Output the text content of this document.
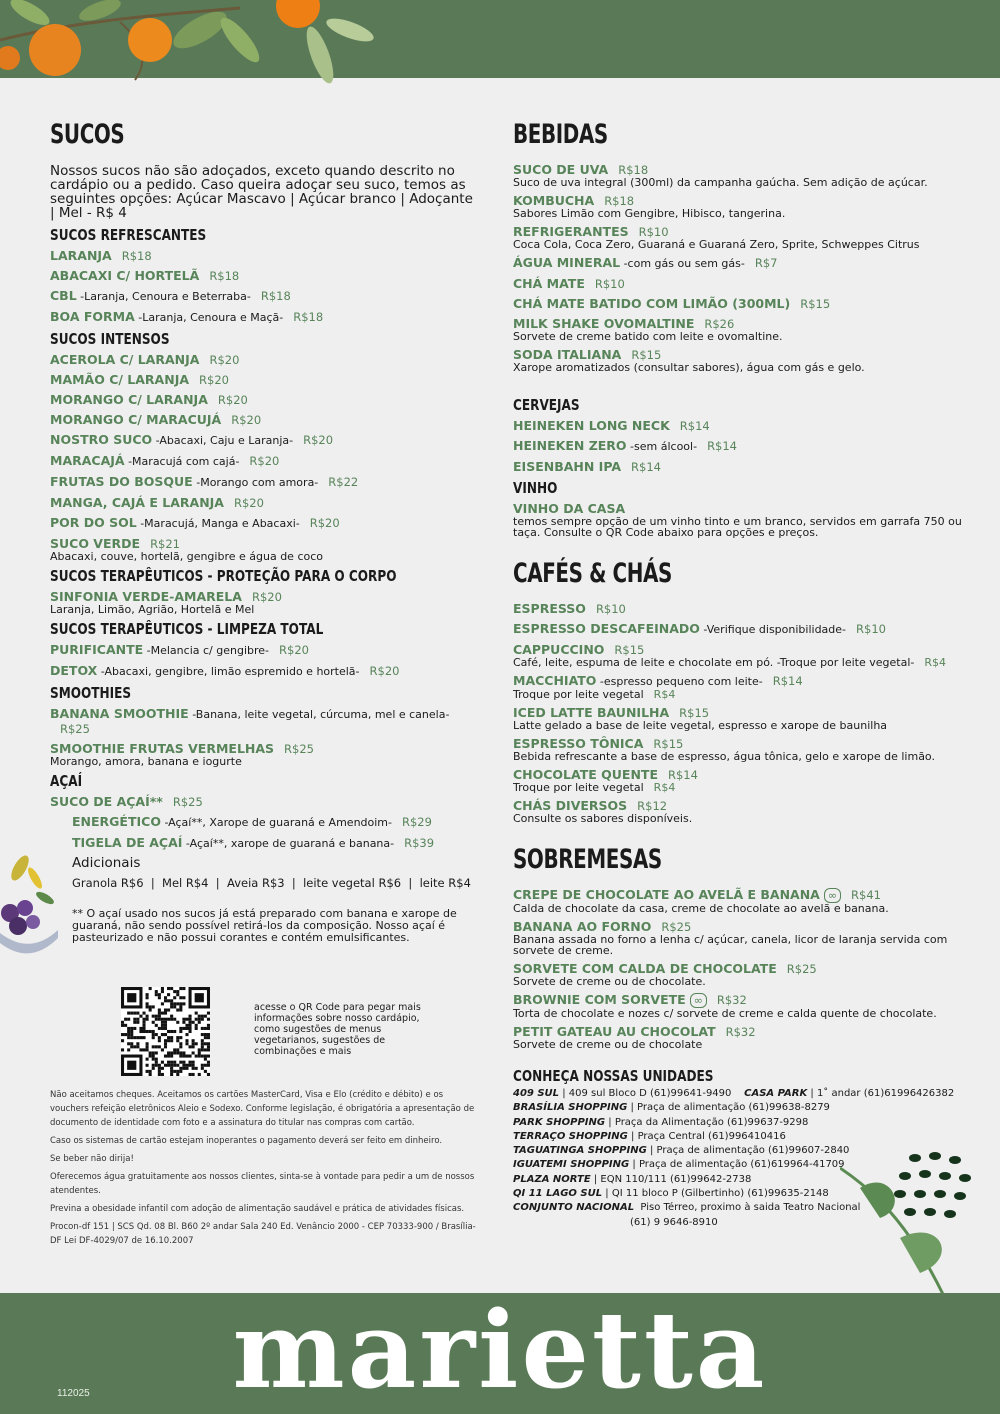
SUCOS
Nossos sucos não são adoçados, exceto quando descrito no cardápio ou a pedido. Caso queira adoçar seu suco, temos as seguintes opções: Açúcar Mascavo | Açúcar branco | Adoçante | Mel - R$ 4
SUCOS REFRESCANTES
LARANJA R$18
ABACAXI C/ HORTELÃ R$18
CBL -Laranja, Cenoura e Beterraba- R$18
BOA FORMA -Laranja, Cenoura e Maçã- R$18
SUCOS INTENSOS
ACEROLA C/ LARANJA R$20
MAMÃO C/ LARANJA R$20
MORANGO C/ LARANJA R$20
MORANGO C/ MARACUJÁ R$20
NOSTRO SUCO -Abacaxi, Caju e Laranja- R$20
MARACAJÁ -Maracujá com cajá- R$20
FRUTAS DO BOSQUE -Morango com amora- R$22
MANGA, CAJÁ E LARANJA R$20
POR DO SOL -Maracujá, Manga e Abacaxi- R$20
SUCO VERDE R$21
Abacaxi, couve, hortelã, gengibre e água de coco
SUCOS TERAPÊUTICOS - PROTEÇÃO PARA O CORPO
SINFONIA VERDE-AMARELA R$20
Laranja, Limão, Agrião, Hortelã e Mel
SUCOS TERAPÊUTICOS - LIMPEZA TOTAL
PURIFICANTE -Melancia c/ gengibre- R$20
DETOX -Abacaxi, gengibre, limão espremido e hortelã- R$20
SMOOTHIES
BANANA SMOOTHIE -Banana, leite vegetal, cúrcuma, mel e canela-R$25
SMOOTHIE FRUTAS VERMELHAS R$25
Morango, amora, banana e iogurte
AÇAÍ
SUCO DE AÇAÍ** R$25
ENERGÉTICO -Açaí**, Xarope de guaraná e Amendoim- R$29
TIGELA DE AÇAÍ -Açaí**, xarope de guaraná e banana- R$39
Adicionais
Granola R$6  |  Mel R$4  |  Aveia R$3  |  leite vegetal R$6  |  leite R$4
** O açaí usado nos sucos já está preparado com banana e xarope de guaraná, não sendo possível retirá-los da composição. Nosso açaí é pasteurizado e não possui corantes e contém emulsificantes.
acesse o QR Code para pegar mais informações sobre nosso cardápio, como sugestões de menus vegetarianos, sugestões de combinações e mais

Não aceitamos cheques. Aceitamos os cartões MasterCard, Visa e Elo (crédito e débito) e os vouchers refeição eletrônicos Aleio e Sodexo. Conforme legislação, é obrigatória a apresentação de documento de identidade com foto e a assinatura do titular nas compras com cartão.

Caso os sistemas de cartão estejam inoperantes o pagamento deverá ser feito em dinheiro.

Se beber não dirija!

Oferecemos água gratuitamente aos nossos clientes, sinta-se à vontade para pedir a um de nossos atendentes.

Previna a obesidade infantil com adoção de alimentação saudável e prática de atividades físicas.

Procon-df 151 | SCS Qd. 08 Bl. B60 2º andar Sala 240 Ed. Venâncio 2000 - CEP 70333-900 / Brasília-DF Lei DF-4029/07 de 16.10.2007

BEBIDAS
SUCO DE UVA R$18
Suco de uva integral (300ml) da campanha gaúcha. Sem adição de açúcar.
KOMBUCHA R$18
Sabores Limão com Gengibre, Hibisco, tangerina.
REFRIGERANTES R$10
Coca Cola, Coca Zero, Guaraná e Guaraná Zero, Sprite, Schweppes Citrus
ÁGUA MINERAL -com gás ou sem gás- R$7
CHÁ MATE R$10
CHÁ MATE BATIDO COM LIMÃO (300ML) R$15
MILK SHAKE OVOMALTINE R$26
Sorvete de creme batido com leite e ovomaltine.
SODA ITALIANA R$15
Xarope aromatizados (consultar sabores), água com gás e gelo.
CERVEJAS
HEINEKEN LONG NECK R$14
HEINEKEN ZERO -sem álcool- R$14
EISENBAHN IPA R$14
VINHO
VINHO DA CASA
temos sempre opção de um vinho tinto e um branco, servidos em garrafa 750 ou taça. Consulte o QR Code abaixo para opções e preços.
CAFÉS & CHÁS
ESPRESSO R$10
ESPRESSO DESCAFEINADO -Verifique disponibilidade- R$10
CAPPUCCINO R$15
Café, leite, espuma de leite e chocolate em pó. -Troque por leite vegetal- R$4
MACCHIATO -espresso pequeno com leite- R$14
Troque por leite vegetal R$4
ICED LATTE BAUNILHA R$15
Latte gelado a base de leite vegetal, espresso e xarope de baunilha
ESPRESSO TÔNICA R$15
Bebida refrescante a base de espresso, água tônica, gelo e xarope de limão.
CHOCOLATE QUENTE R$14
Troque por leite vegetal R$4
CHÁS DIVERSOS R$12
Consulte os sabores disponíveis.
SOBREMESAS
CREPE DE CHOCOLATE AO AVELÃ E BANANA ∞ R$41
Calda de chocolate da casa, creme de chocolate ao avelã e banana.
BANANA AO FORNO R$25
Banana assada no forno a lenha c/ açúcar, canela, licor de laranja servida com sorvete de creme.
SORVETE COM CALDA DE CHOCOLATE R$25
Sorvete de creme ou de chocolate.
BROWNIE COM SORVETE ∞ R$32
Torta de chocolate e nozes c/ sorvete de creme e calda quente de chocolate.
PETIT GATEAU AU CHOCOLAT R$32
Sorvete de creme ou de chocolate
CONHEÇA NOSSAS UNIDADES
409 SUL | 409 sul Bloco D (61)99641-9490    CASA PARK | 1˚ andar (61)61996426382
BRASÍLIA SHOPPING | Praça de alimentação (61)99638-8279
PARK SHOPPING | Praça da Alimentação (61)99637-9298
TERRAÇO SHOPPING | Praça Central (61)996410416
TAGUATINGA SHOPPING | Praça de alimentação (61)99607-2840
IGUATEMI SHOPPING | Praça de alimentação (61)619964-41709
PLAZA NORTE | EQN 110/111 (61)99642-2738
QI 11 LAGO SUL | QI 11 bloco P (Gilbertinho) (61)99635-2148
CONJUNTO NACIONAL  Piso Térreo, proximo à saida Teatro Nacional
(61) 9 9646-8910
marietta
112025
